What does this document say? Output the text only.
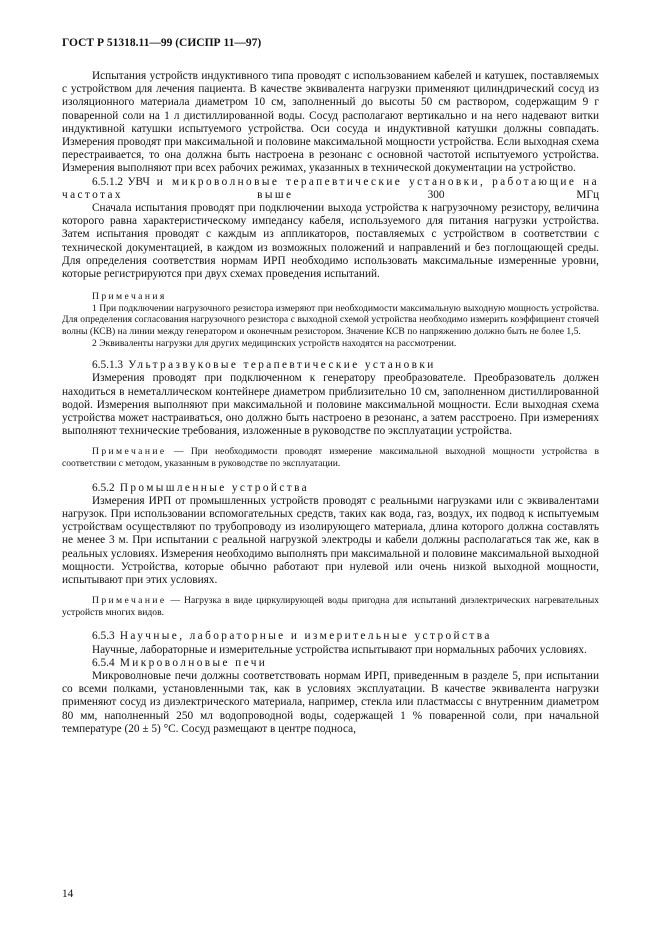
ГОСТ Р 51318.11—99 (СИСПР 11—97)

Испытания устройств индуктивного типа проводят с использованием кабелей и катушек, поставляемых с устройством для лечения пациента. В качестве эквивалента нагрузки применяют цилиндрический сосуд из изоляционного материала диаметром 10 см, заполненный до высоты 50 см раствором, содержащим 9 г поваренной соли на 1 л дистиллированной воды. Сосуд располагают вертикально и на него надевают витки индуктивной катушки испытуемого устройства. Оси сосуда и индуктивной катушки должны совпадать. Измерения проводят при максимальной и половине максимальной мощности устройства. Если выходная схема перестраивается, то она должна быть настроена в резонанс с основной частотой испытуемого устройства. Измерения выполняют при всех рабочих режимах, указанных в технической документации на устройство.

6.5.1.2 УВЧ и микроволновые терапевтические установки, работающие на частотах выше 300 МГц

Сначала испытания проводят при подключении выхода устройства к нагрузочному резистору, величина которого равна характеристическому импедансу кабеля, используемого для питания нагрузки устройства. Затем испытания проводят с каждым из аппликаторов, поставляемых с устройством в соответствии с технической документацией, в каждом из возможных положений и направлений и без поглощающей среды. Для определения соответствия нормам ИРП необходимо использовать максимальные измеренные уровни, которые регистрируются при двух схемах проведения испытаний.

Примечания

1 При подключении нагрузочного резистора измеряют при необходимости максимальную выходную мощность устройства. Для определения согласования нагрузочного резистора с выходной схемой устройства необходимо измерить коэффициент стоячей волны (КСВ) на линии между генератором и оконечным резистором. Значение КСВ по напряжению должно быть не более 1,5.

2 Эквиваленты нагрузки для других медицинских устройств находятся на рассмотрении.

6.5.1.3 Ультразвуковые терапевтические установки

Измерения проводят при подключенном к генератору преобразователе. Преобразователь должен находиться в неметаллическом контейнере диаметром приблизительно 10 см, заполненном дистиллированной водой. Измерения выполняют при максимальной и половине максимальной мощности. Если выходная схема устройства может настраиваться, оно должно быть настроено в резонанс, а затем расстроено. При измерениях выполняют технические требования, изложенные в руководстве по эксплуатации устройства.

Примечание — При необходимости проводят измерение максимальной выходной мощности устройства в соответствии с методом, указанным в руководстве по эксплуатации.

6.5.2 Промышленные устройства

Измерения ИРП от промышленных устройств проводят с реальными нагрузками или с эквивалентами нагрузок. При использовании вспомогательных средств, таких как вода, газ, воздух, их подвод к испытуемым устройствам осуществляют по трубопроводу из изолирующего материала, длина которого должна составлять не менее 3 м. При испытании с реальной нагрузкой электроды и кабели должны располагаться так же, как в реальных условиях. Измерения необходимо выполнять при максимальной и половине максимальной выходной мощности. Устройства, которые обычно работают при нулевой или очень низкой выходной мощности, испытывают при этих условиях.

Примечание — Нагрузка в виде циркулирующей воды пригодна для испытаний диэлектрических нагревательных устройств многих видов.

6.5.3 Научные, лабораторные и измерительные устройства

Научные, лабораторные и измерительные устройства испытывают при нормальных рабочих условиях.

6.5.4 Микроволновые печи

Микроволновые печи должны соответствовать нормам ИРП, приведенным в разделе 5, при испытании со всеми полками, установленными так, как в условиях эксплуатации. В качестве эквивалента нагрузки применяют сосуд из диэлектрического материала, например, стекла или пластмассы с внутренним диаметром 80 мм, наполненный 250 мл водопроводной воды, содержащей 1 % поваренной соли, при начальной температуре (20 ± 5) °С. Сосуд размещают в центре подноса,

14
